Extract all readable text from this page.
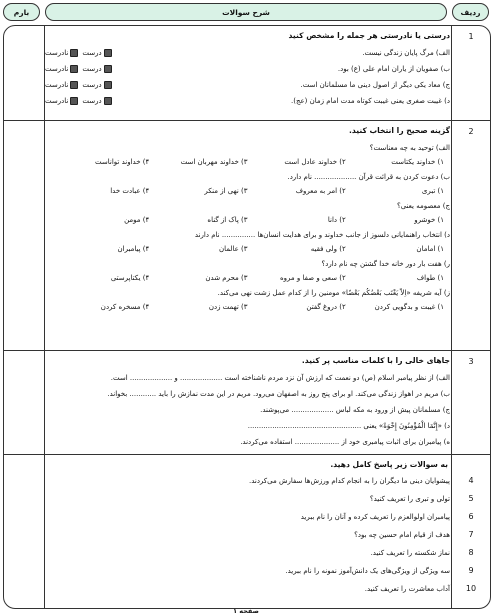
ردیف
شرح سوالات
بارم
1
درستی یا نادرستی هر جمله را مشخص کنید
الف) مرگ پایان زندگی نیست.
نادرست درست
ب) صفویان از یاران امام علی (ع) بود.
نادرست درست
ج) معاد یکی دیگر از اصول دینی ما مسلمانان است.
نادرست درست
د) غیبت صغری یعنی غیبت کوتاه مدت امام زمان (عج).
نادرست درست
2
گزینه صحیح را انتخاب کنید.
الف) توحید به چه معناست؟
۱) خداوند یکتاست
۲) خداوند عادل است
۳) خداوند مهربان است
۴) خداوند تواناست
ب) دعوت کردن به قرائت قرآن ................... نام دارد.
۱) تبری
۲) امر به معروف
۳) نهی از منکر
۴) عبادت خدا
ج) معصومه یعنی؟
۱) خوشرو
۲) دانا
۳) پاک از گناه
۴) مومن
د) انتخاب راهنمایانی دلسوز از جانب خداوند و برای هدایت انسان‌ها ............... نام دارند
۱) امامان
۲) ولی فقیه
۳) عالمان
۴) پیامبران
ر) هفت بار دور خانه خدا گشتن چه نام دارد؟
۱) طواف
۲) سعی و صفا و مروه
۳) محرم شدن
۴) یکتاپرستی
ز) آیه شریفه «اِلاّ یَغْتَب بَعْضُکُم بَعْضًا» مومنین را از کدام عمل زشت نهی می‌کند.
۱) غیبت و بدگویی کردن
۲) دروغ گفتن
۳) تهمت زدن
۴) مسخره کردن
3
جاهای خالی را با کلمات مناسب پر کنید.
الف) از نظر پیامبر اسلام (ص) دو نعمت که ارزش آن نزد مردم ناشناخته است ................... و ................... است.
ب) مریم در اهواز زندگی می‌کند. او برای پنج روز به اصفهان می‌رود. مریم در این مدت نمازش را باید ............ بخواند.
ج) مسلمانان پیش از ورود به مکه لباس ................... می‌پوشند.
د) «إِنَّمَا الْمُؤْمِنُونَ إِخْوَةٌ» یعنی ...................................................
ه) پیامبران برای اثبات پیامبری خود از .................... استفاده می‌کردند.
به سوالات زیر پاسخ کامل دهید.
4
پیشوایان دینی ما دیگران را به انجام کدام ورزش‌ها سفارش می‌کردند.
5
تولی و تبری را تعریف کنید؟
6
پیامبران اولوالعزم را تعریف کرده و آنان را نام ببرید
7
هدف از قیام امام حسین چه بود؟
8
نماز شکسته را تعریف کنید.
9
سه ویژگی از ویژگی‌های یک دانش‌آموز نمونه را نام ببرید.
10
آداب معاشرت را تعریف کنید.
صفحه ۱
